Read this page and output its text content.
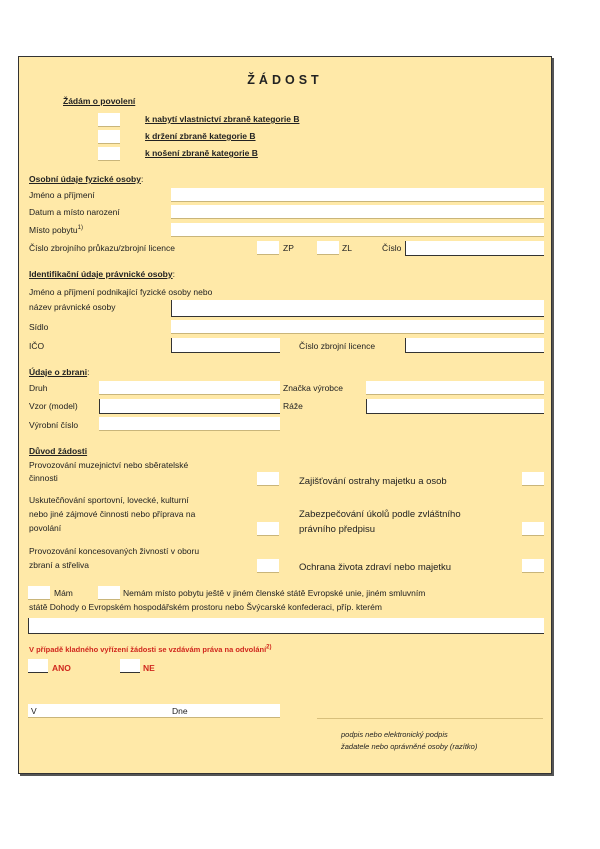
ŽÁDOST
Žádám o povolení
k nabytí vlastnictví zbraně kategorie B
k držení zbraně kategorie B
k nošení zbraně kategorie B
Osobní údaje fyzické osoby:
Jméno a příjmení
Datum a místo narození
Místo pobytu$^{1)}$
Číslo zbrojního průkazu/zbrojní licence	ZP	ZL	Číslo
Identifikační údaje právnické osoby:
Jméno a příjmení podnikající fyzické osoby nebo
název právnické osoby
Sídlo
IČO	Číslo zbrojní licence
Údaje o zbrani:
Druh	Značka výrobce
Vzor (model)	Ráže
Výrobní číslo
Důvod žádosti
Provozování muzejnictví nebo sběratelské
činnosti	Zajišťování ostrahy majetku a osob
Uskutečňování sportovní, lovecké, kulturní
nebo jiné zájmové činnosti nebo příprava na
povolání
Zabezpečování úkolů podle zvláštního
právního předpisu
Provozování koncesovaných živností v oboru
zbraní a střeliva	Ochrana života zdraví nebo majetku
Mám	Nemám místo pobytu ještě v jiném členské státě Evropské unie, jiném smluvním
státě Dohody o Evropském hospodářském prostoru nebo Švýcarské konfederaci, příp. kterém
V případě kladného vyřízení žádosti se vzdávám práva na odvolání$^{2)}$
ANO	NE
V	Dne
podpis nebo elektronický podpis
žadatele nebo oprávněné osoby (razítko)
